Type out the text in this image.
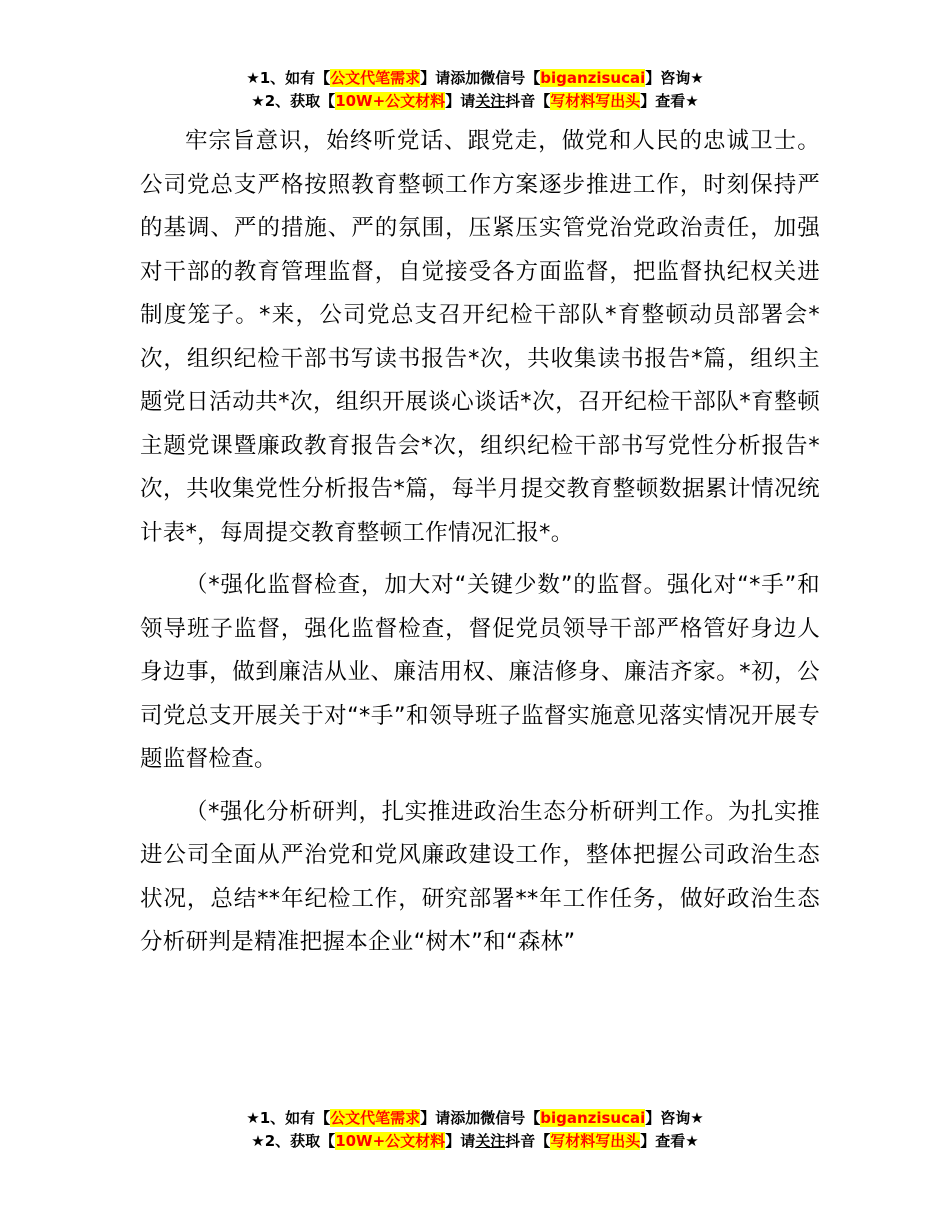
★1、如有【公文代笔需求】请添加微信号【biganzisucai】咨询★
★2、获取【10W+公文材料】请关注抖音【写材料写出头】查看★

牢宗旨意识，始终听党话、跟党走，做党和人民的忠诚卫士。公司党总支严格按照教育整顿工作方案逐步推进工作，时刻保持严的基调、严的措施、严的氛围，压紧压实管党治党政治责任，加强对干部的教育管理监督，自觉接受各方面监督，把监督执纪权关进制度笼子。*来，公司党总支召开纪检干部队*育整顿动员部署会*次，组织纪检干部书写读书报告*次，共收集读书报告*篇，组织主题党日活动共*次，组织开展谈心谈话*次，召开纪检干部队*育整顿主题党课暨廉政教育报告会*次，组织纪检干部书写党性分析报告*次，共收集党性分析报告*篇，每半月提交教育整顿数据累计情况统计表*，每周提交教育整顿工作情况汇报*。

（*强化监督检查，加大对“关键少数”的监督。强化对“*手”和领导班子监督，强化监督检查，督促党员领导干部严格管好身边人身边事，做到廉洁从业、廉洁用权、廉洁修身、廉洁齐家。*初，公司党总支开展关于对“*手”和领导班子监督实施意见落实情况开展专题监督检查。

（*强化分析研判，扎实推进政治生态分析研判工作。为扎实推进公司全面从严治党和党风廉政建设工作，整体把握公司政治生态状况，总结**年纪检工作，研究部署**年工作任务，做好政治生态分析研判是精准把握本企业“树木”和“森林”

★1、如有【公文代笔需求】请添加微信号【biganzisucai】咨询★
★2、获取【10W+公文材料】请关注抖音【写材料写出头】查看★
